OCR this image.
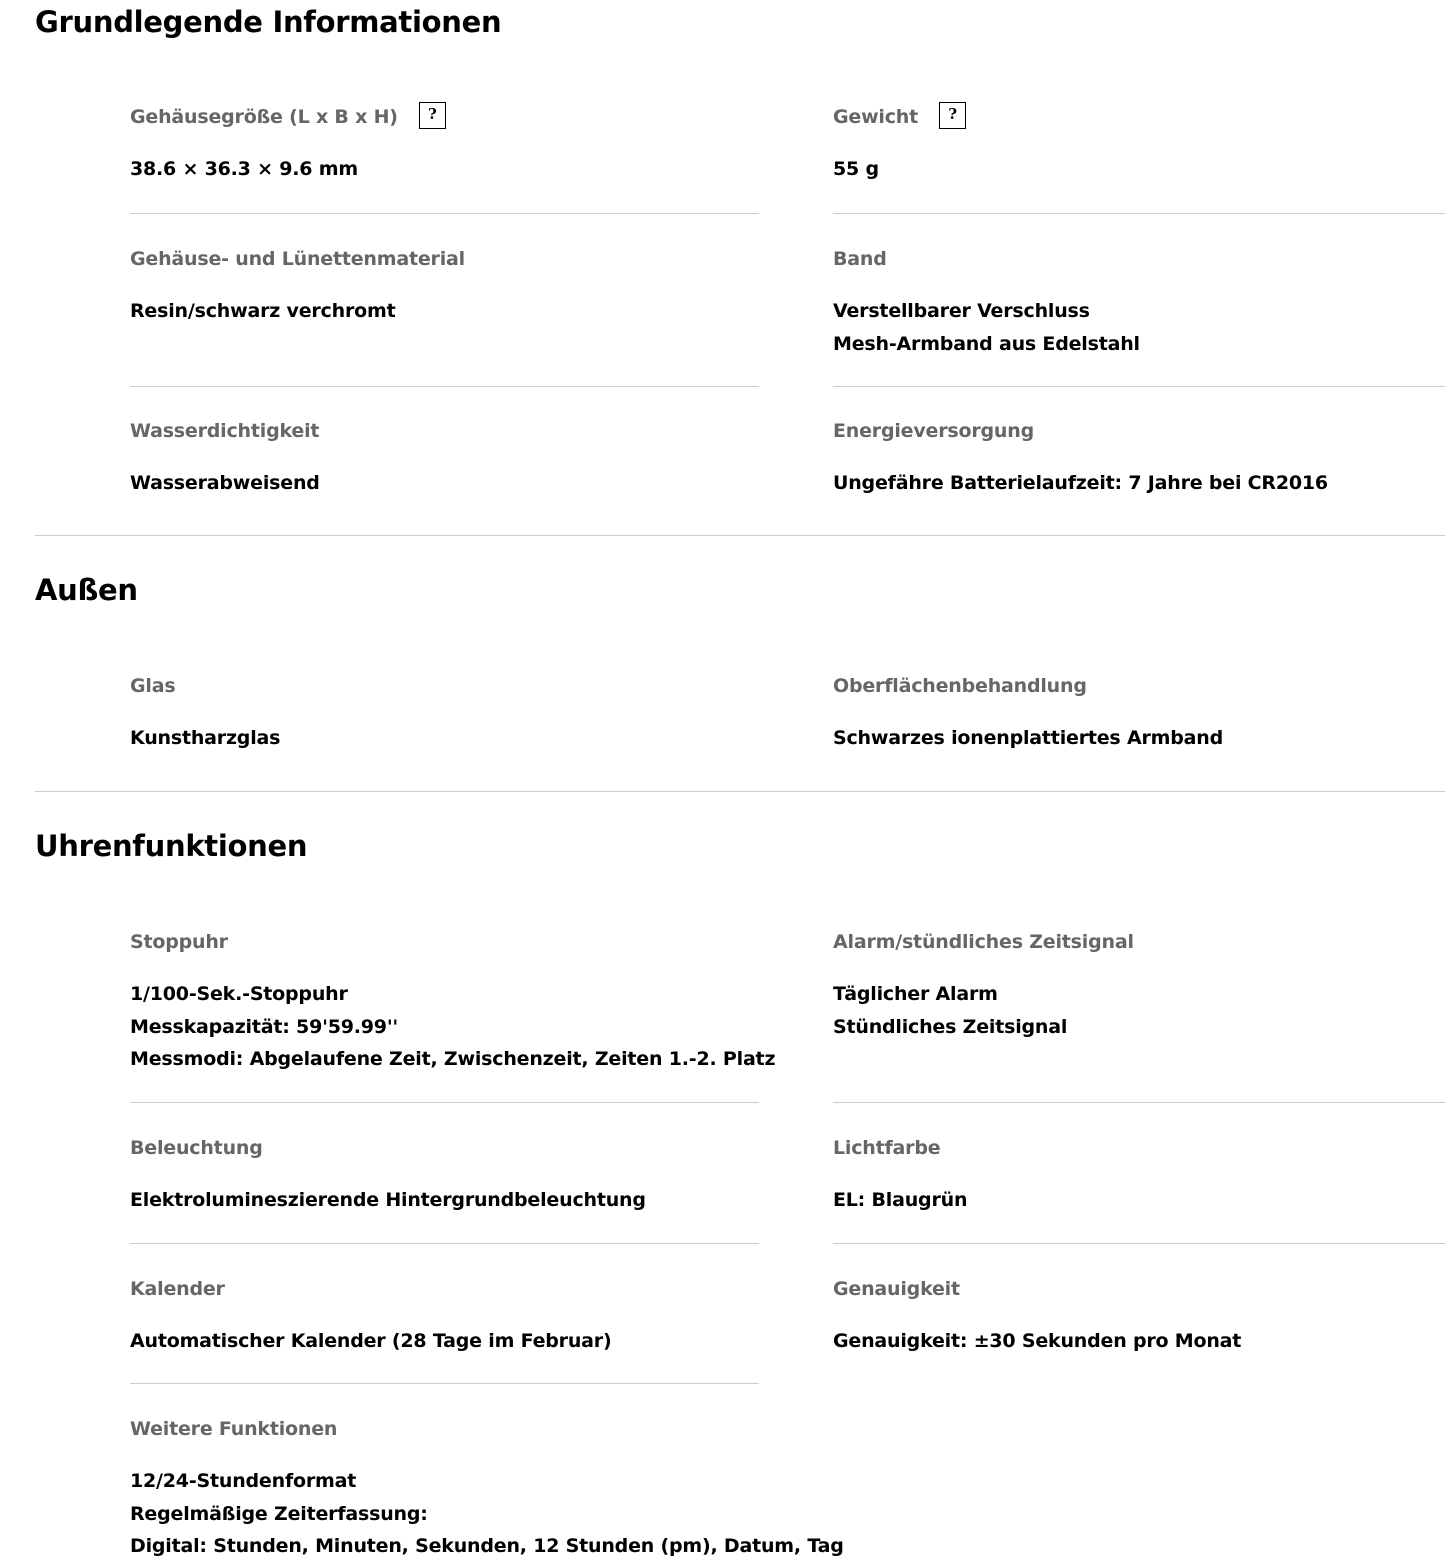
Grundlegende Informationen
Gehäusegröße (L x B x H)	?
38.6 × 36.3 × 9.6 mm
Gewicht	?
55 g
Gehäuse- und Lünettenmaterial
Resin/schwarz verchromt
Band
Verstellbarer Verschluss
Mesh-Armband aus Edelstahl
Wasserdichtigkeit
Wasserabweisend
Energieversorgung
Ungefähre Batterielaufzeit: 7 Jahre bei CR2016
Außen
Glas
Kunstharzglas
Oberflächenbehandlung
Schwarzes ionenplattiertes Armband
Uhrenfunktionen
Stoppuhr
1/100-Sek.-Stoppuhr
Messkapazität: 59'59.99''
Messmodi: Abgelaufene Zeit, Zwischenzeit, Zeiten 1.-2. Platz
Alarm/stündliches Zeitsignal
Täglicher Alarm
Stündliches Zeitsignal
Beleuchtung
Elektrolumineszierende Hintergrundbeleuchtung
Lichtfarbe
EL: Blaugrün
Kalender
Automatischer Kalender (28 Tage im Februar)
Genauigkeit
Genauigkeit: ±30 Sekunden pro Monat
Weitere Funktionen
12/24-Stundenformat
Regelmäßige Zeiterfassung:
Digital: Stunden, Minuten, Sekunden, 12 Stunden (pm), Datum, Tag
